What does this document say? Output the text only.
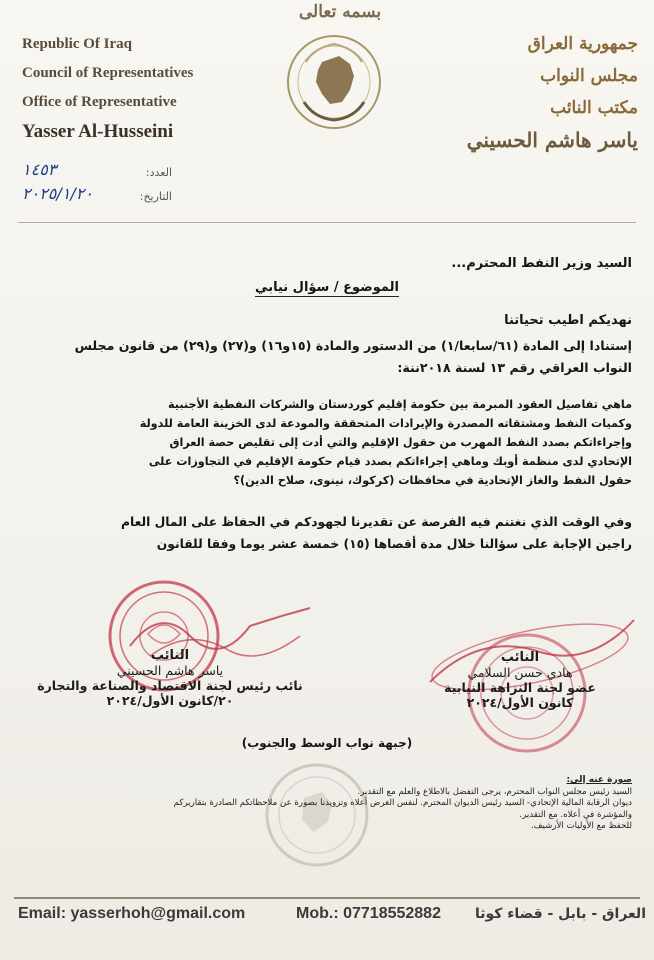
Republic Of Iraq
Council of Representatives
Office of Representative
Yasser Al-Husseini
بسمه تعالى
جمهورية العراق
مجلس النواب
مكتب النائب
ياسر هاشم الحسيني
العدد:
١٤٥٣
التاريخ:
٢٠٢٥/١/٢٠
السيد وزير النفط المحترم...
الموضوع / سؤال نيابي
نهديكم اطيب تحياتنا
إستنادا إلى المادة (٦١/سابعا/١) من الدستور والمادة (١٥و١٦) و(٢٧) و(٢٩) من قانون مجلس
النواب العراقي رقم ١٣ لسنة ٢٠١٨ننة:
ماهي تفاصيل العقود المبرمة بين حكومة إقليم كوردستان والشركات النفطية الأجنبية
وكميات النفط ومشتقاته المصدرة والإيرادات المتحققة والمودعة لدى الخزينة العامة للدولة
وإجراءاتكم بصدد النفط المهرب من حقول الإقليم والتي أدت إلى تقليص حصة العراق
الإتحادي لدى منظمة أوبك وماهي إجراءاتكم بصدد قيام حكومة الإقليم في التجاوزات على
حقول النفط والغاز الإتحادية في محافظات (كركوك، نينوى، صلاح الدين)؟
وفي الوقت الذي نغتنم فيه الفرصة عن تقديرنا لجهودكم في الحفاظ على المال العام
راجين الإجابة على سؤالنا خلال مدة أقصاها (١٥) خمسة عشر يوما وفقا للقانون
النائب
ياسر هاشم الحسيني
نائب رئيس لجنة الاقتصاد والصناعة والتجارة
٢٠/كانون الأول/٢٠٢٤
النائب
هادي حسن السلامي
عضو لجنة النزاهة النيابية
كانون الأول/٢٠٢٤
(جبهة نواب الوسط والجنوب)
صورة عنه إلى:
السيد رئيس مجلس النواب المحترم، يرجى التفضل بالاطلاع والعلم مع التقدير.
ديوان الرقابة المالية الإتحادي- السيد رئيس الديوان المحترم. لنفس الغرض أعلاه وتزويدنا بصورة عن ملاحظاتكم الصادرة بتقاريركم
والمؤشرة في أعلاه. مع التقدير.
للحفظ مع الأوليات الأرشيف.
Email: yasserhoh@gmail.com	Mob.: 07718552882 العراق - بابل - قضاء كوثا
